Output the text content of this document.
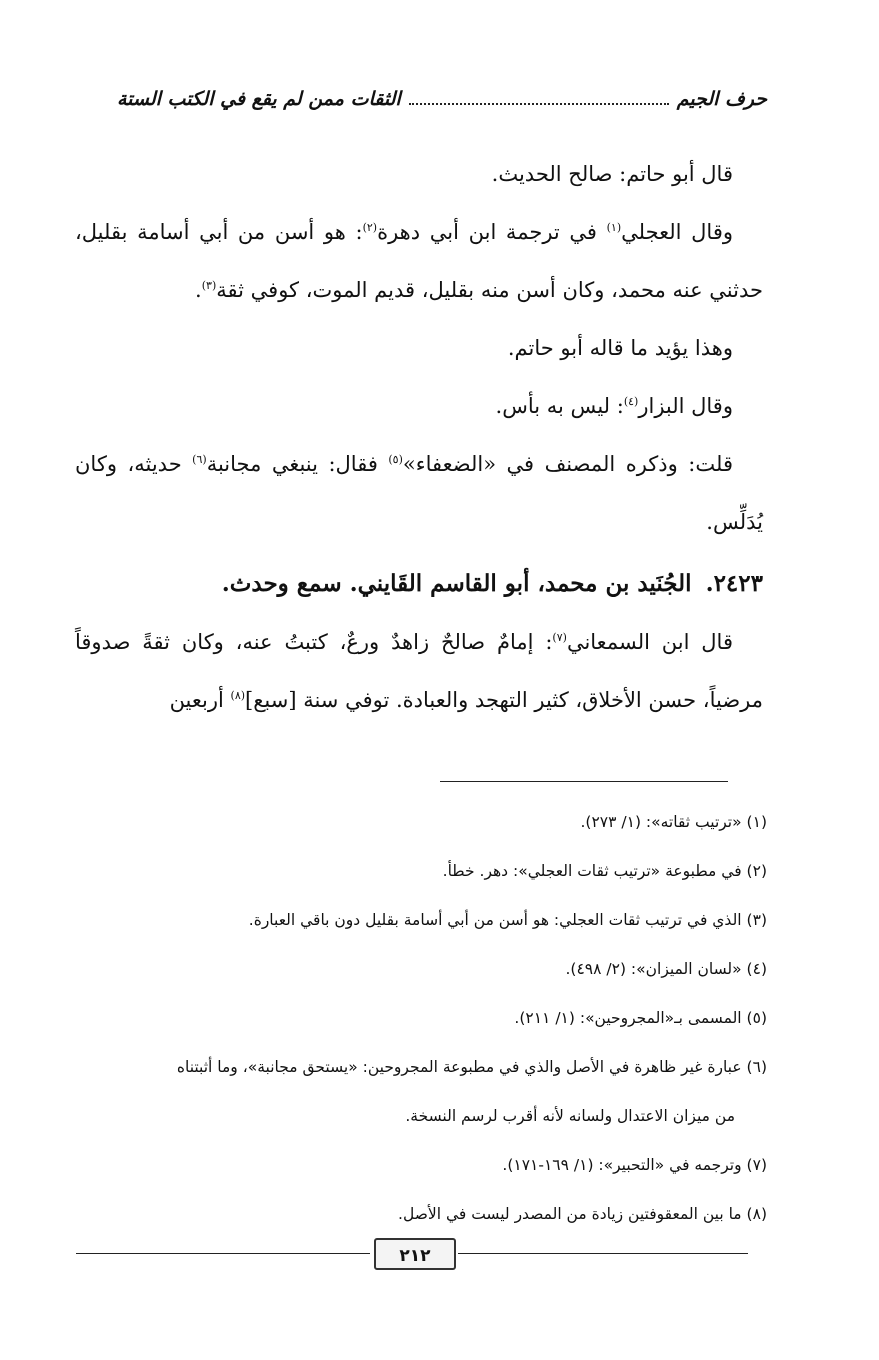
حرف الجيم
الثقات ممن لم يقع في الكتب الستة

قال أبو حاتم: صالح الحديث.

وقال العجلي$^{(١)}$ في ترجمة ابن أبي دهرة$^{(٢)}$: هو أسن من أبي أسامة بقليل، حدثني عنه محمد، وكان أسن منه بقليل، قديم الموت، كوفي ثقة$^{(٣)}$.

وهذا يؤيد ما قاله أبو حاتم.

وقال البزار$^{(٤)}$: ليس به بأس.

قلت: وذكره المصنف في «الضعفاء»$^{(٥)}$ فقال: ينبغي مجانبة$^{(٦)}$ حديثه، وكان يُدَلِّس.

٢٤٢٣.الجُنَيد بن محمد، أبو القاسم القَايني. سمع وحدث.

قال ابن السمعاني$^{(٧)}$: إمامٌ صالحٌ زاهدٌ ورعٌ، كتبتُ عنه، وكان ثقةً صدوقاً مرضياً، حسن الأخلاق، كثير التهجد والعبادة. توفي سنة [سبع]$^{(٨)}$ أربعين

(١) «ترتيب ثقاته»: (١/ ٢٧٣).

(٢) في مطبوعة «ترتيب ثقات العجلي»: دهر. خطأ.

(٣) الذي في ترتيب ثقات العجلي: هو أسن من أبي أسامة بقليل دون باقي العبارة.

(٤) «لسان الميزان»: (٢/ ٤٩٨).

(٥) المسمى بـ«المجروحين»: (١/ ٢١١).

(٦) عبارة غير ظاهرة في الأصل والذي في مطبوعة المجروحين: «يستحق مجانبة»، وما أثبتناه
من ميزان الاعتدال ولسانه لأنه أقرب لرسم النسخة.

(٧) وترجمه في «التحبير»: (١/ ١٦٩-١٧١).

(٨) ما بين المعقوفتين زيادة من المصدر ليست في الأصل.

٢١٢
